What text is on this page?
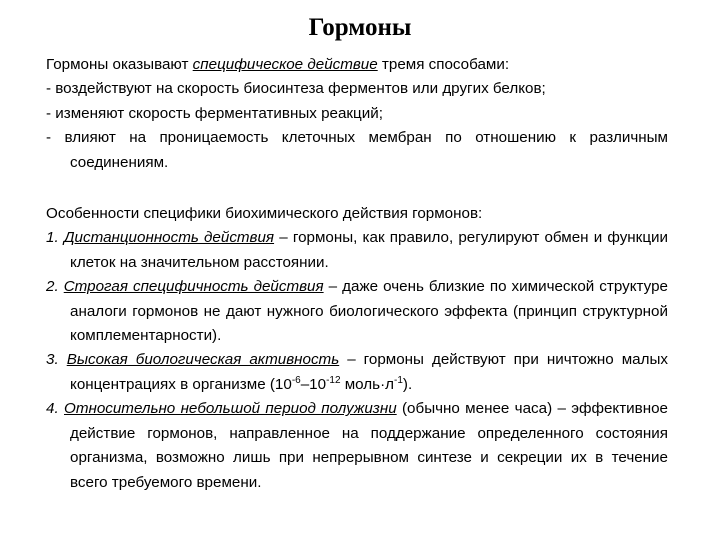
Гормоны

Гормоны оказывают специфическое действие тремя способами:

- воздействуют на скорость биосинтеза ферментов или других белков;

- изменяют скорость ферментативных реакций;

- влияют на проницаемость клеточных мембран по отношению к различным соединениям.

Особенности специфики биохимического действия гормонов:

1. Дистанционность действия – гормоны, как правило, регулируют обмен и функции клеток на значительном расстоянии.

2. Строгая специфичность действия – даже очень близкие по химической структуре аналоги гормонов не дают нужного биологического эффекта (принцип структурной комплементарности).

3. Высокая биологическая активность – гормоны действуют при ничтожно малых концентрациях в организме ($10^{-6}-10^{-12}$ $моль\cdot л^{-1}$).

4. Относительно небольшой период полужизни (обычно менее часа) – эффективное действие гормонов, направленное на поддержание определенного состояния организма, возможно лишь при непрерывном синтезе и секреции их в течение всего требуемого времени.
